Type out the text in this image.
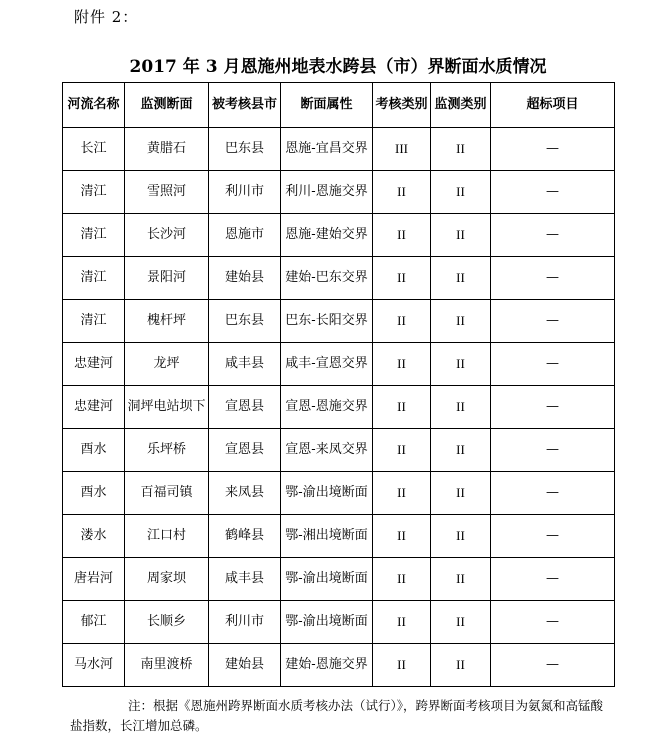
附件 2：
2017 年 3 月恩施州地表水跨县（市）界断面水质情况
河流名称	监测断面	被考核县市	断面属性	考核类别	监测类别	超标项目
长江	黄腊石	巴东县	恩施-宜昌交界	III	II	—
清江	雪照河	利川市	利川-恩施交界	II	II	—
清江	长沙河	恩施市	恩施-建始交界	II	II	—
清江	景阳河	建始县	建始-巴东交界	II	II	—
清江	槐杆坪	巴东县	巴东-长阳交界	II	II	—
忠建河	龙坪	咸丰县	咸丰-宣恩交界	II	II	—
忠建河	洞坪电站坝下	宣恩县	宣恩-恩施交界	II	II	—
酉水	乐坪桥	宣恩县	宣恩-来凤交界	II	II	—
酉水	百福司镇	来凤县	鄂-渝出境断面	II	II	—
溇水	江口村	鹤峰县	鄂-湘出境断面	II	II	—
唐岩河	周家坝	咸丰县	鄂-渝出境断面	II	II	—
郁江	长顺乡	利川市	鄂-渝出境断面	II	II	—
马水河	南里渡桥	建始县	建始-恩施交界	II	II	—
注：根据《恩施州跨界断面水质考核办法（试行）》，跨界断面考核项目为氨氮和高锰酸盐指数，长江增加总磷。
